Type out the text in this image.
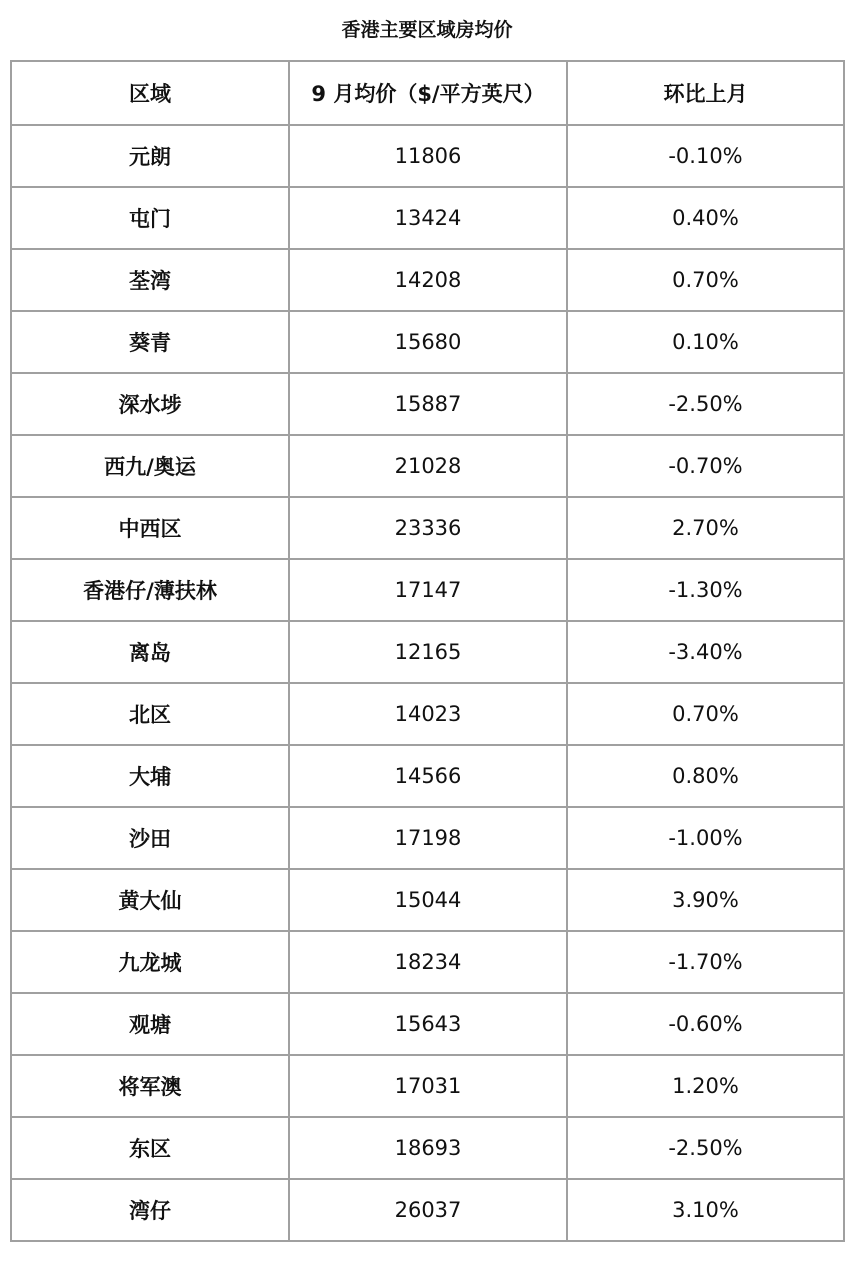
香港主要区域房均价
区域	9 月均价（$/平方英尺）	环比上月
元朗	11806	-0.10%
屯门	13424	0.40%
荃湾	14208	0.70%
葵青	15680	0.10%
深水埗	15887	-2.50%
西九/奥运	21028	-0.70%
中西区	23336	2.70%
香港仔/薄扶林	17147	-1.30%
离岛	12165	-3.40%
北区	14023	0.70%
大埔	14566	0.80%
沙田	17198	-1.00%
黄大仙	15044	3.90%
九龙城	18234	-1.70%
观塘	15643	-0.60%
将军澳	17031	1.20%
东区	18693	-2.50%
湾仔	26037	3.10%
